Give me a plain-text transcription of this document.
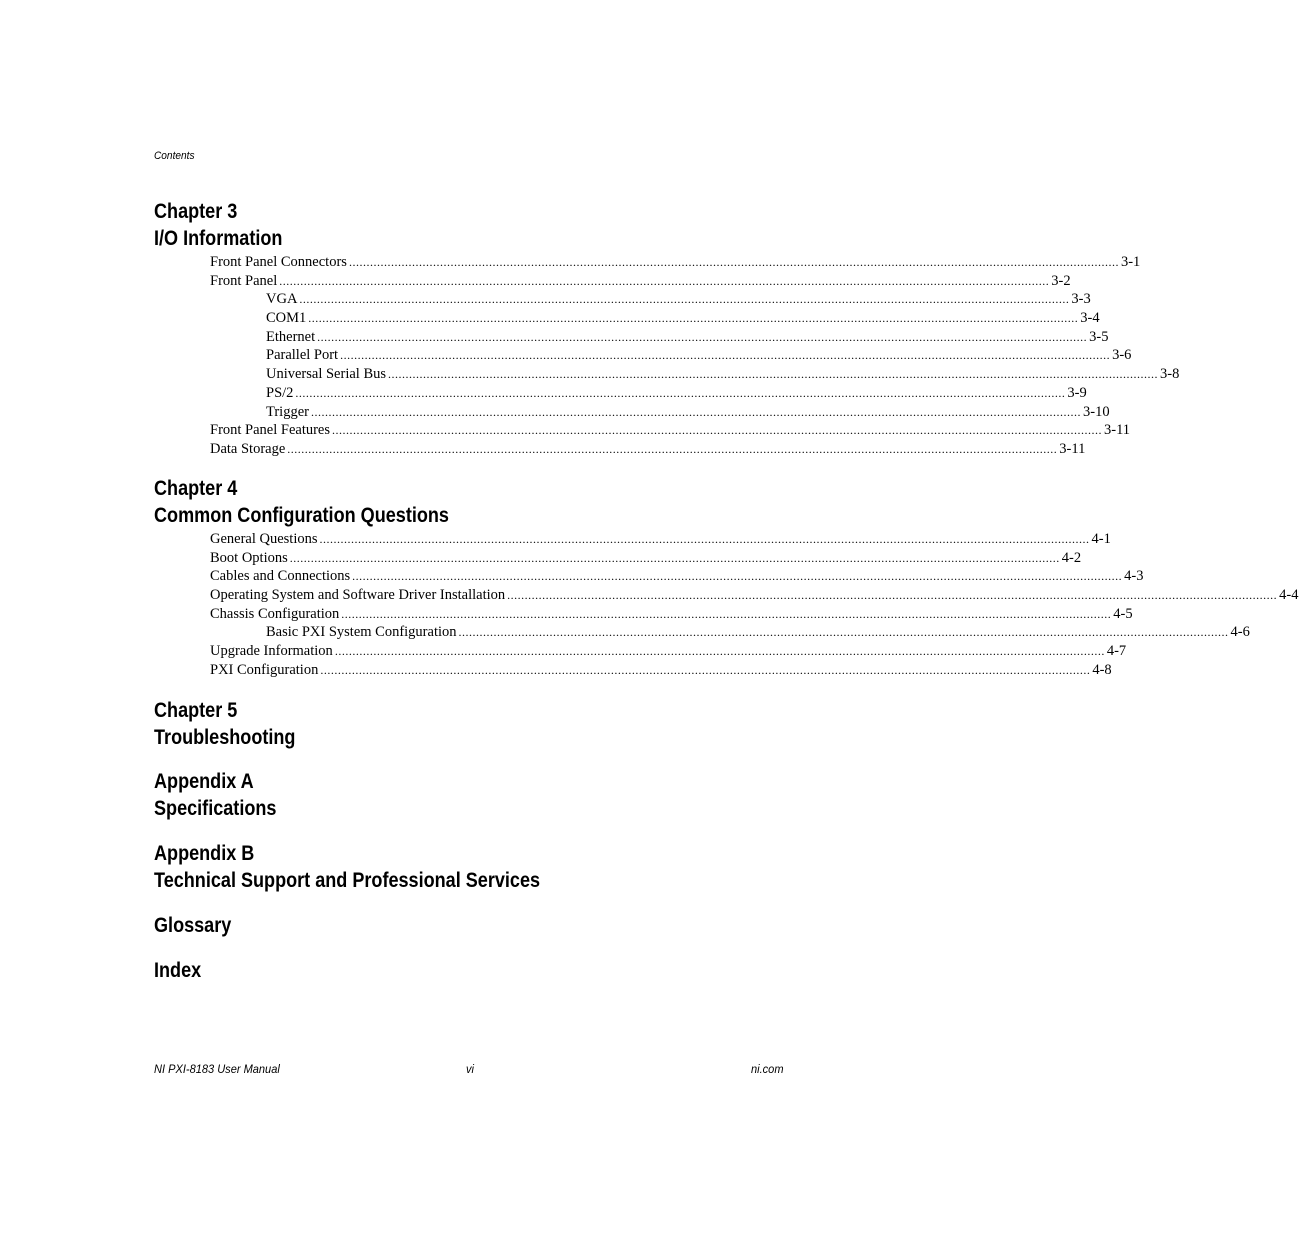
Contents
Chapter 3
I/O Information
Front Panel Connectors ............................................................................................................................................................................................................................ 3-1
Front Panel ............................................................................................................................................................................................................................ 3-2
VGA ............................................................................................................................................................................................................................ 3-3
COM1 ............................................................................................................................................................................................................................ 3-4
Ethernet ............................................................................................................................................................................................................................ 3-5
Parallel Port ............................................................................................................................................................................................................................ 3-6
Universal Serial Bus ............................................................................................................................................................................................................................ 3-8
PS/2 ............................................................................................................................................................................................................................ 3-9
Trigger ............................................................................................................................................................................................................................ 3-10
Front Panel Features ............................................................................................................................................................................................................................ 3-11
Data Storage ............................................................................................................................................................................................................................ 3-11
Chapter 4
Common Configuration Questions
General Questions ............................................................................................................................................................................................................................ 4-1
Boot Options ............................................................................................................................................................................................................................ 4-2
Cables and Connections ............................................................................................................................................................................................................................ 4-3
Operating System and Software Driver Installation ............................................................................................................................................................................................................................ 4-4
Chassis Configuration ............................................................................................................................................................................................................................ 4-5
Basic PXI System Configuration ............................................................................................................................................................................................................................ 4-6
Upgrade Information ............................................................................................................................................................................................................................ 4-7
PXI Configuration ............................................................................................................................................................................................................................ 4-8
Chapter 5
Troubleshooting
Appendix A
Specifications
Appendix B
Technical Support and Professional Services
Glossary
Index
NI PXI-8183 User Manual	vi	ni.com
